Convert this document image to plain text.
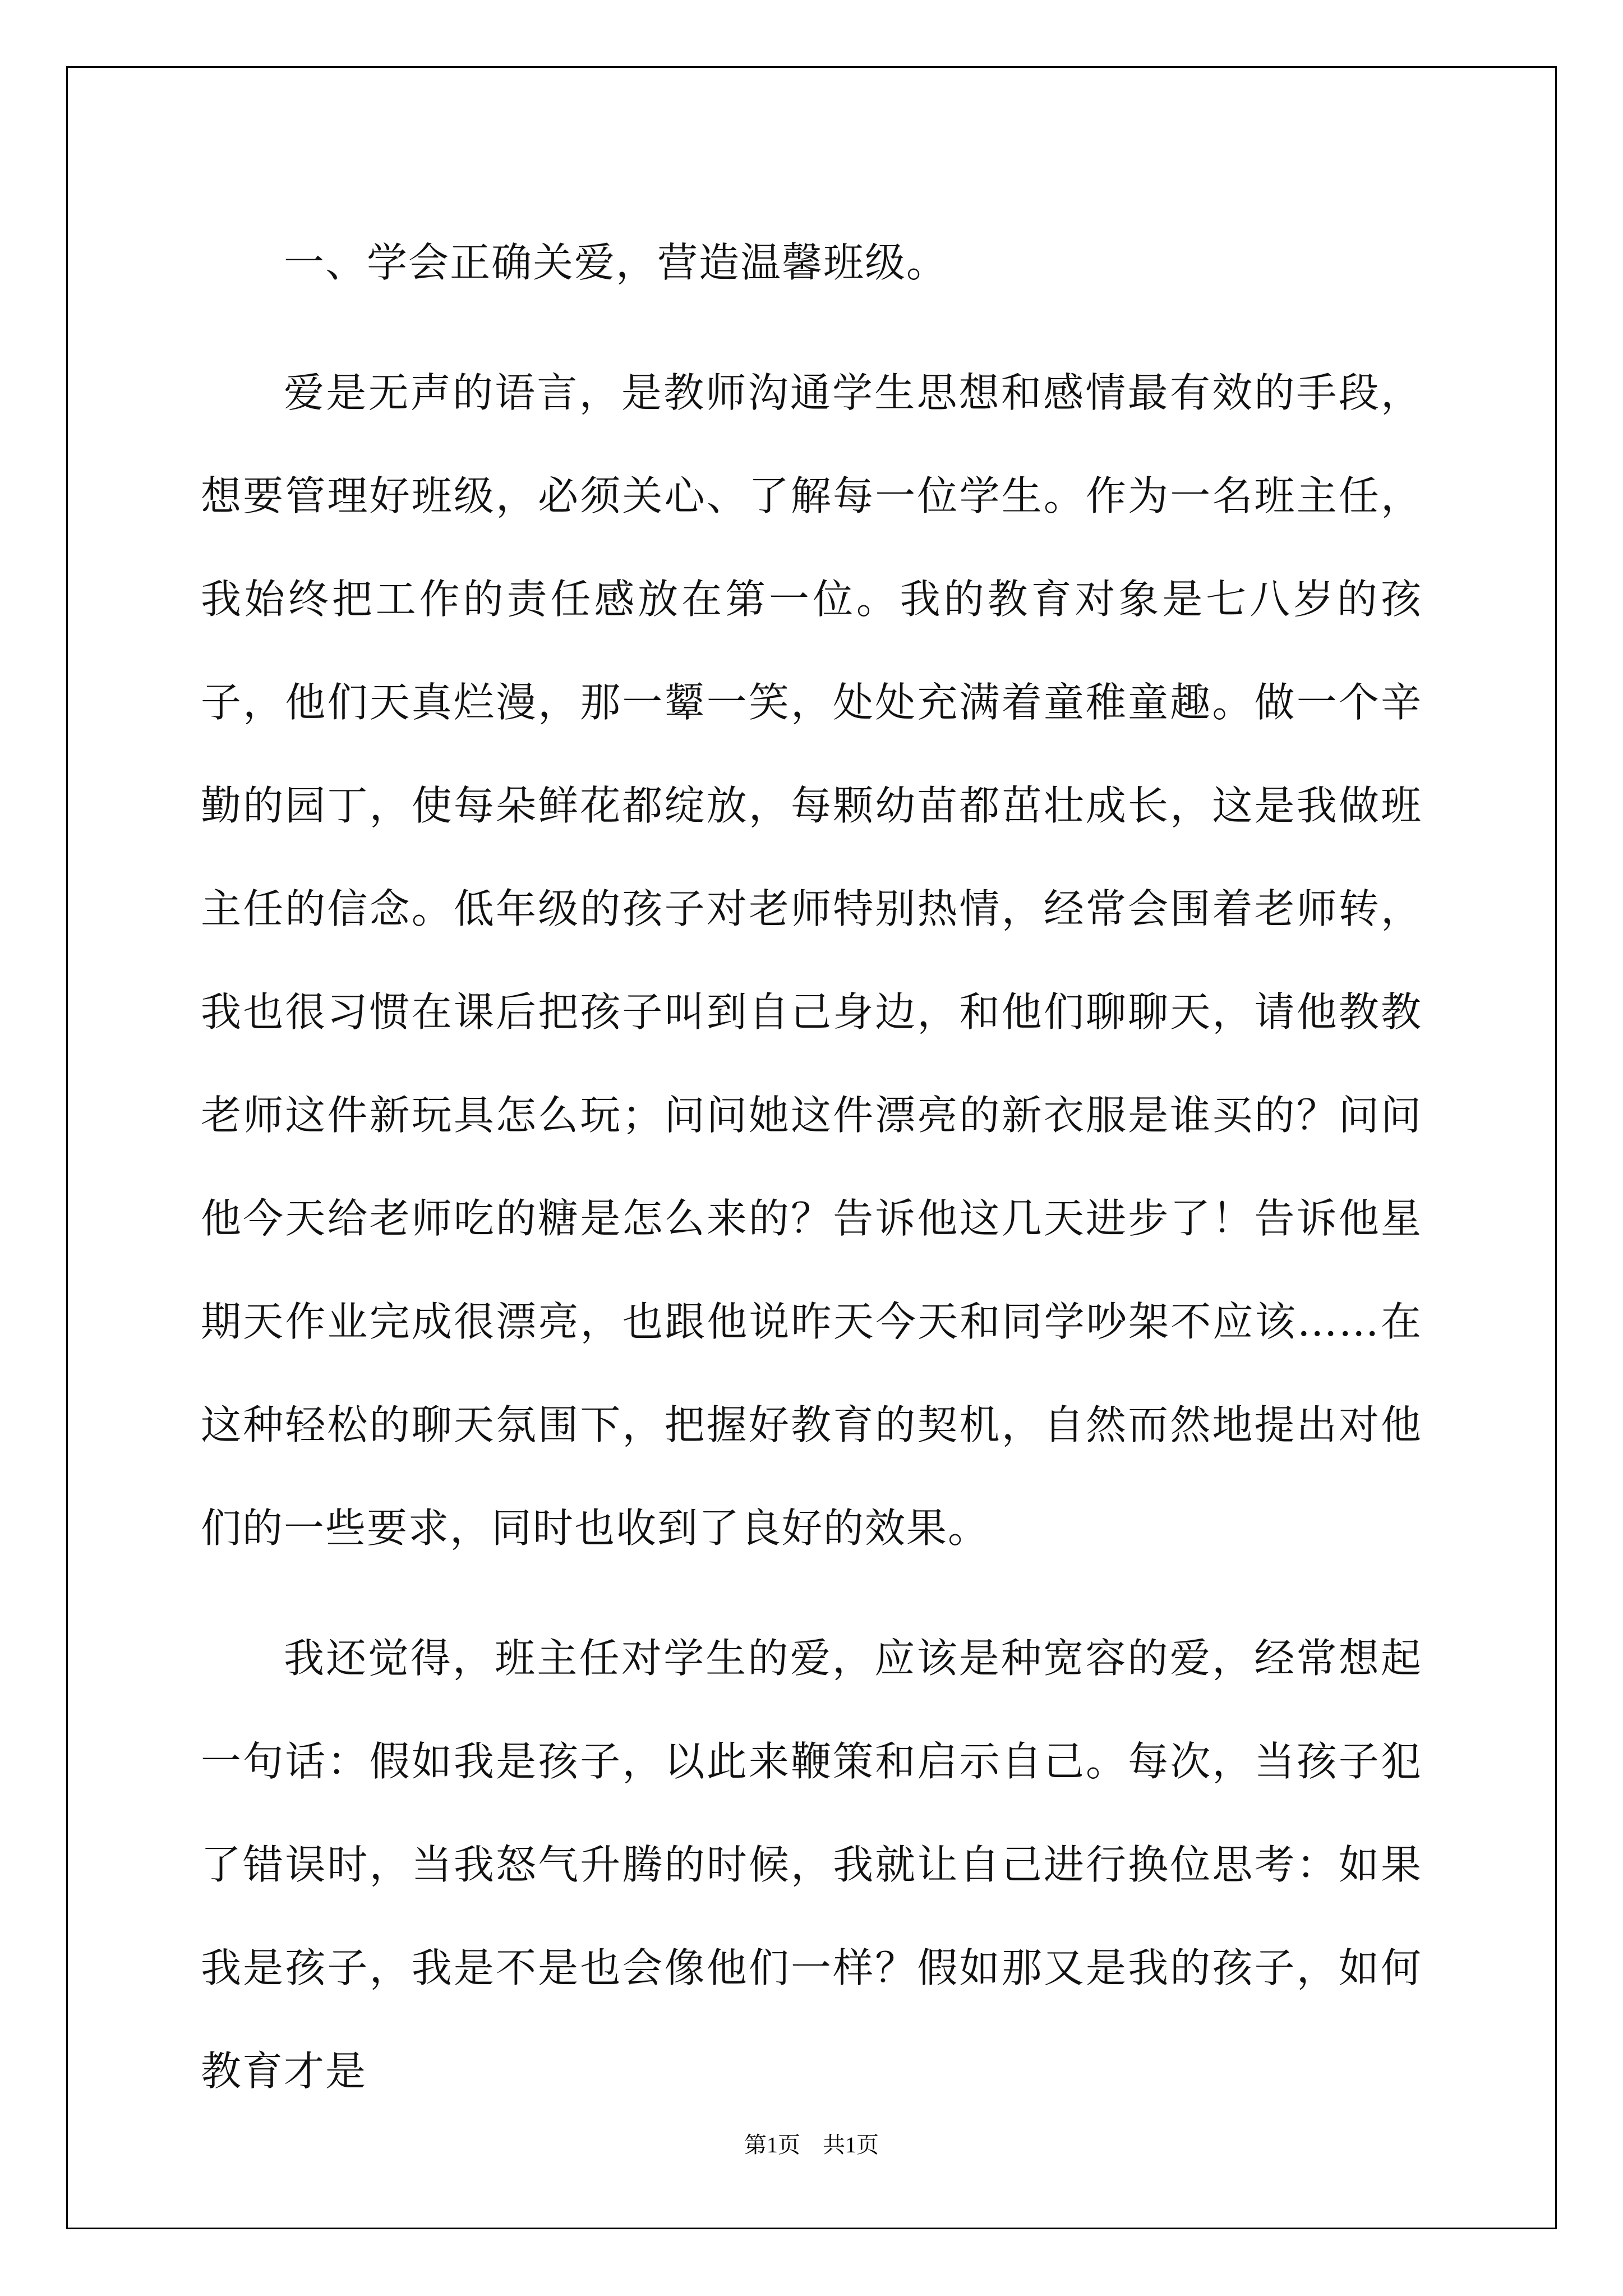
一、学会正确关爱，营造温馨班级。

爱是无声的语言，是教师沟通学生思想和感情最有效的手段，想要管理好班级，必须关心、了解每一位学生。作为一名班主任，我始终把工作的责任感放在第一位。我的教育对象是七八岁的孩子，他们天真烂漫，那一颦一笑，处处充满着童稚童趣。做一个辛勤的园丁，使每朵鲜花都绽放，每颗幼苗都茁壮成长，这是我做班主任的信念。低年级的孩子对老师特别热情，经常会围着老师转，我也很习惯在课后把孩子叫到自己身边，和他们聊聊天，请他教教老师这件新玩具怎么玩；问问她这件漂亮的新衣服是谁买的？问问他今天给老师吃的糖是怎么来的？告诉他这几天进步了！告诉他星期天作业完成很漂亮，也跟他说昨天今天和同学吵架不应该……在这种轻松的聊天氛围下，把握好教育的契机，自然而然地提出对他们的一些要求，同时也收到了良好的效果。

我还觉得，班主任对学生的爱，应该是种宽容的爱，经常想起一句话：假如我是孩子，以此来鞭策和启示自己。每次，当孩子犯了错误时，当我怒气升腾的时候，我就让自己进行换位思考：如果我是孩子，我是不是也会像他们一样？假如那又是我的孩子，如何教育才是

第1页　共1页
